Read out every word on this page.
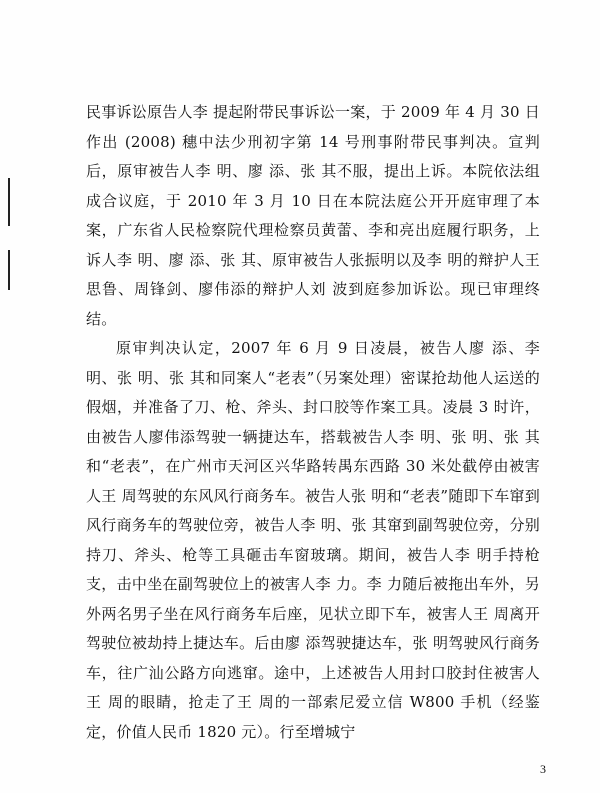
民事诉讼原告人李 提起附带民事诉讼一案，于 2009 年 4 月 30 日作出 (2008) 穗中法少刑初字第 14 号刑事附带民事判决。宣判后，原审被告人李 明、廖 添、张 其不服，提出上诉。本院依法组成合议庭，于 2010 年 3 月 10 日在本院法庭公开开庭审理了本案，广东省人民检察院代理检察员黄蕾、李和亮出庭履行职务，上诉人李 明、廖 添、张 其、原审被告人张振明以及李 明的辩护人王思鲁、周锋剑、廖伟添的辩护人刘 波到庭参加诉讼。现已审理终结。

原审判决认定，2007 年 6 月 9 日凌晨，被告人廖 添、李 明、张 明、张 其和同案人“老表”（另案处理）密谋抢劫他人运送的假烟，并准备了刀、枪、斧头、封口胶等作案工具。凌晨 3 时许，由被告人廖伟添驾驶一辆捷达车，搭载被告人李 明、张 明、张 其和“老表”，在广州市天河区兴华路转禺东西路 30 米处截停由被害人王 周驾驶的东风风行商务车。被告人张 明和“老表”随即下车窜到风行商务车的驾驶位旁，被告人李 明、张 其窜到副驾驶位旁，分别持刀、斧头、枪等工具砸击车窗玻璃。期间，被告人李 明手持枪支，击中坐在副驾驶位上的被害人李 力。李 力随后被拖出车外，另外两名男子坐在风行商务车后座，见状立即下车，被害人王 周离开驾驶位被劫持上捷达车。后由廖 添驾驶捷达车，张 明驾驶风行商务车，往广汕公路方向逃窜。途中，上述被告人用封口胶封住被害人王 周的眼睛，抢走了王 周的一部索尼爱立信 W800 手机（经鉴定，价值人民币 1820 元）。行至增城宁

3
